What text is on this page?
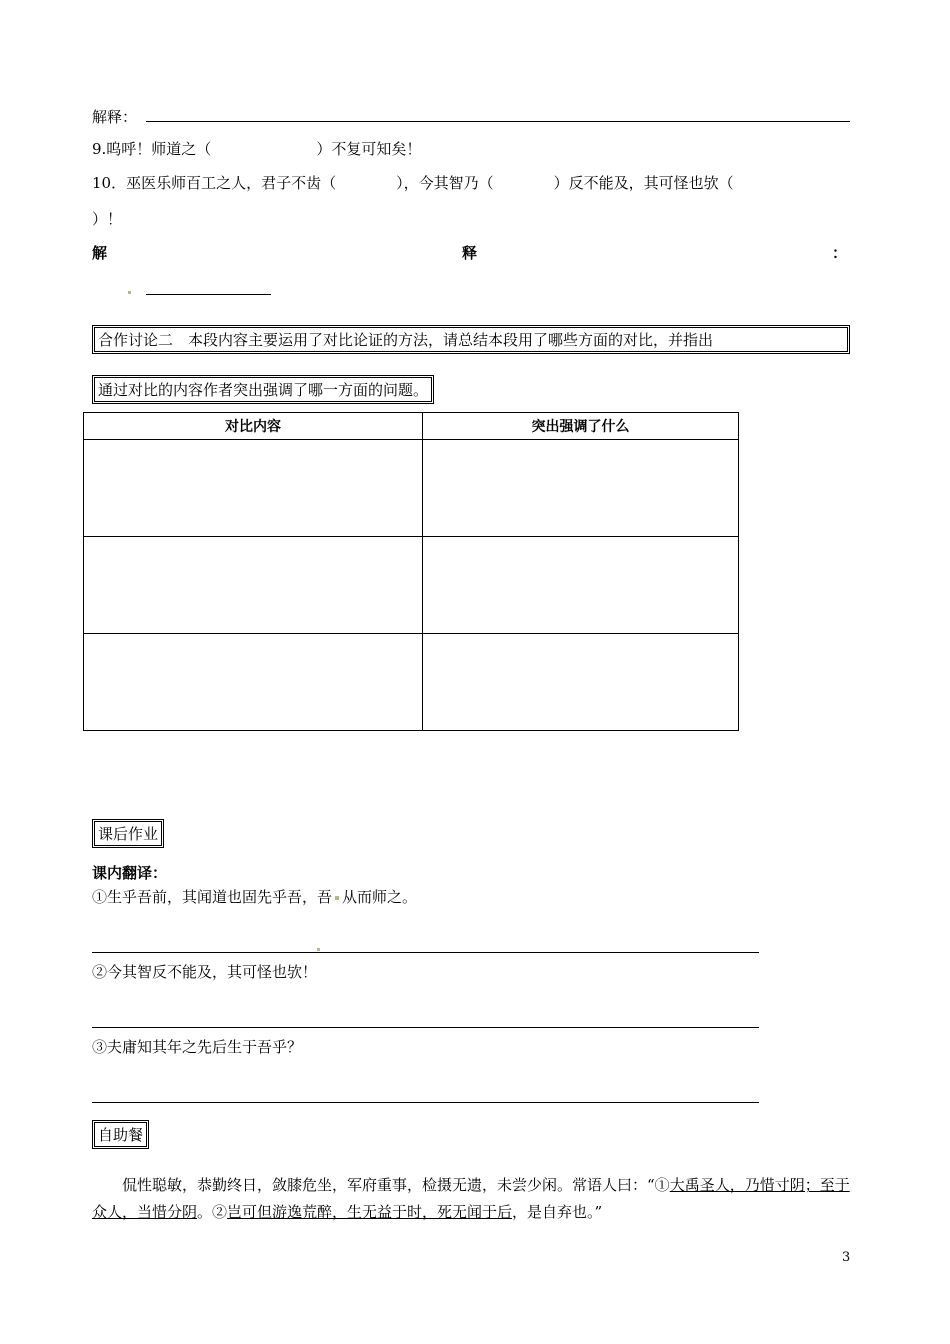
解释：
9.呜呼！师道之（　　　　　　　）不复可知矣！
10．巫医乐师百工之人，君子不齿（　　　　），今其智乃（　　　　）反不能及，其可怪也欤（
）！
解	释	：
合作讨论二　本段内容主要运用了对比论证的方法，请总结本段用了哪些方面的对比，并指出
通过对比的内容作者突出强调了哪一方面的问题。
对比内容	突出强调了什么

课后作业
课内翻译：
①生乎吾前，其闻道也固先乎吾，吾 从而师之。
②今其智反不能及，其可怪也欤！
③夫庸知其年之先后生于吾乎？
自助餐
侃性聪敏，恭勤终日，敛膝危坐，军府重事，检摄无遗，未尝少闲。常语人曰：“①大禹圣人，乃惜寸阴；至于众人，当惜分阴。②岂可但游逸荒醉，生无益于时，死无闻于后，是自弃也。”
3
